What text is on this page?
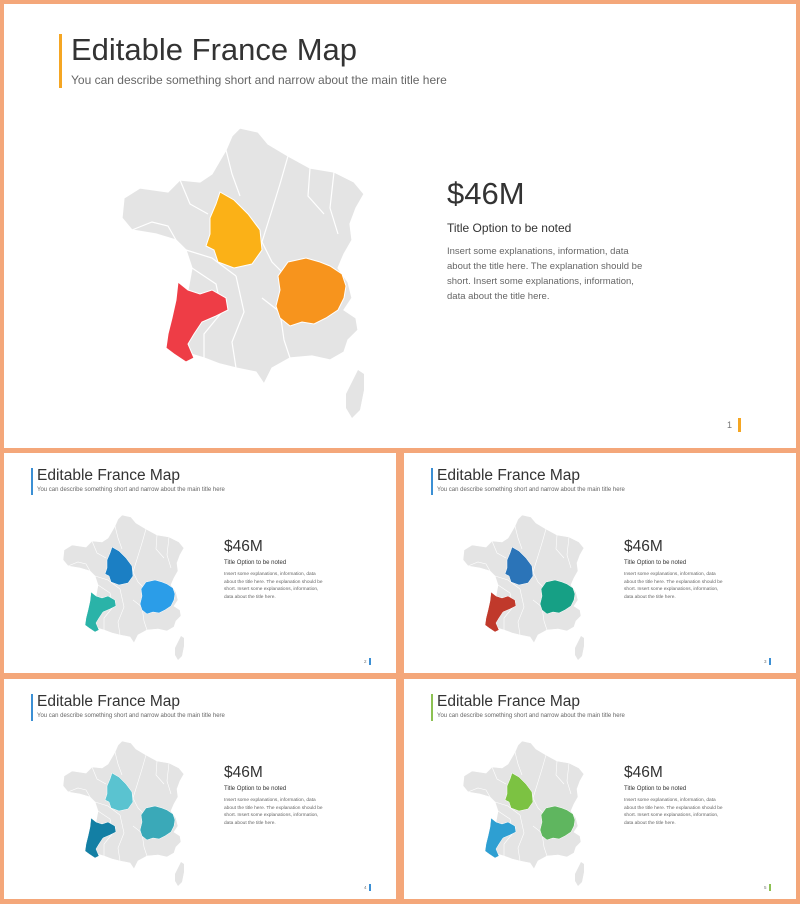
Editable France Map
You can describe something short and narrow about the main title here
$46M
Title Option to be noted
Insert some explanations, information, data about the title here. The explanation should be short. Insert some explanations, information, data about the title here.
1
Editable France Map
You can describe something short and narrow about the main title here
$46M
Title Option to be noted
Insert some explanations, information, data about the title here. The explanation should be short. Insert some explanations, information, data about the title here.
2
Editable France Map
You can describe something short and narrow about the main title here
$46M
Title Option to be noted
Insert some explanations, information, data about the title here. The explanation should be short. Insert some explanations, information, data about the title here.
3
Editable France Map
You can describe something short and narrow about the main title here
$46M
Title Option to be noted
Insert some explanations, information, data about the title here. The explanation should be short. Insert some explanations, information, data about the title here.
4
Editable France Map
You can describe something short and narrow about the main title here
$46M
Title Option to be noted
Insert some explanations, information, data about the title here. The explanation should be short. Insert some explanations, information, data about the title here.
5
